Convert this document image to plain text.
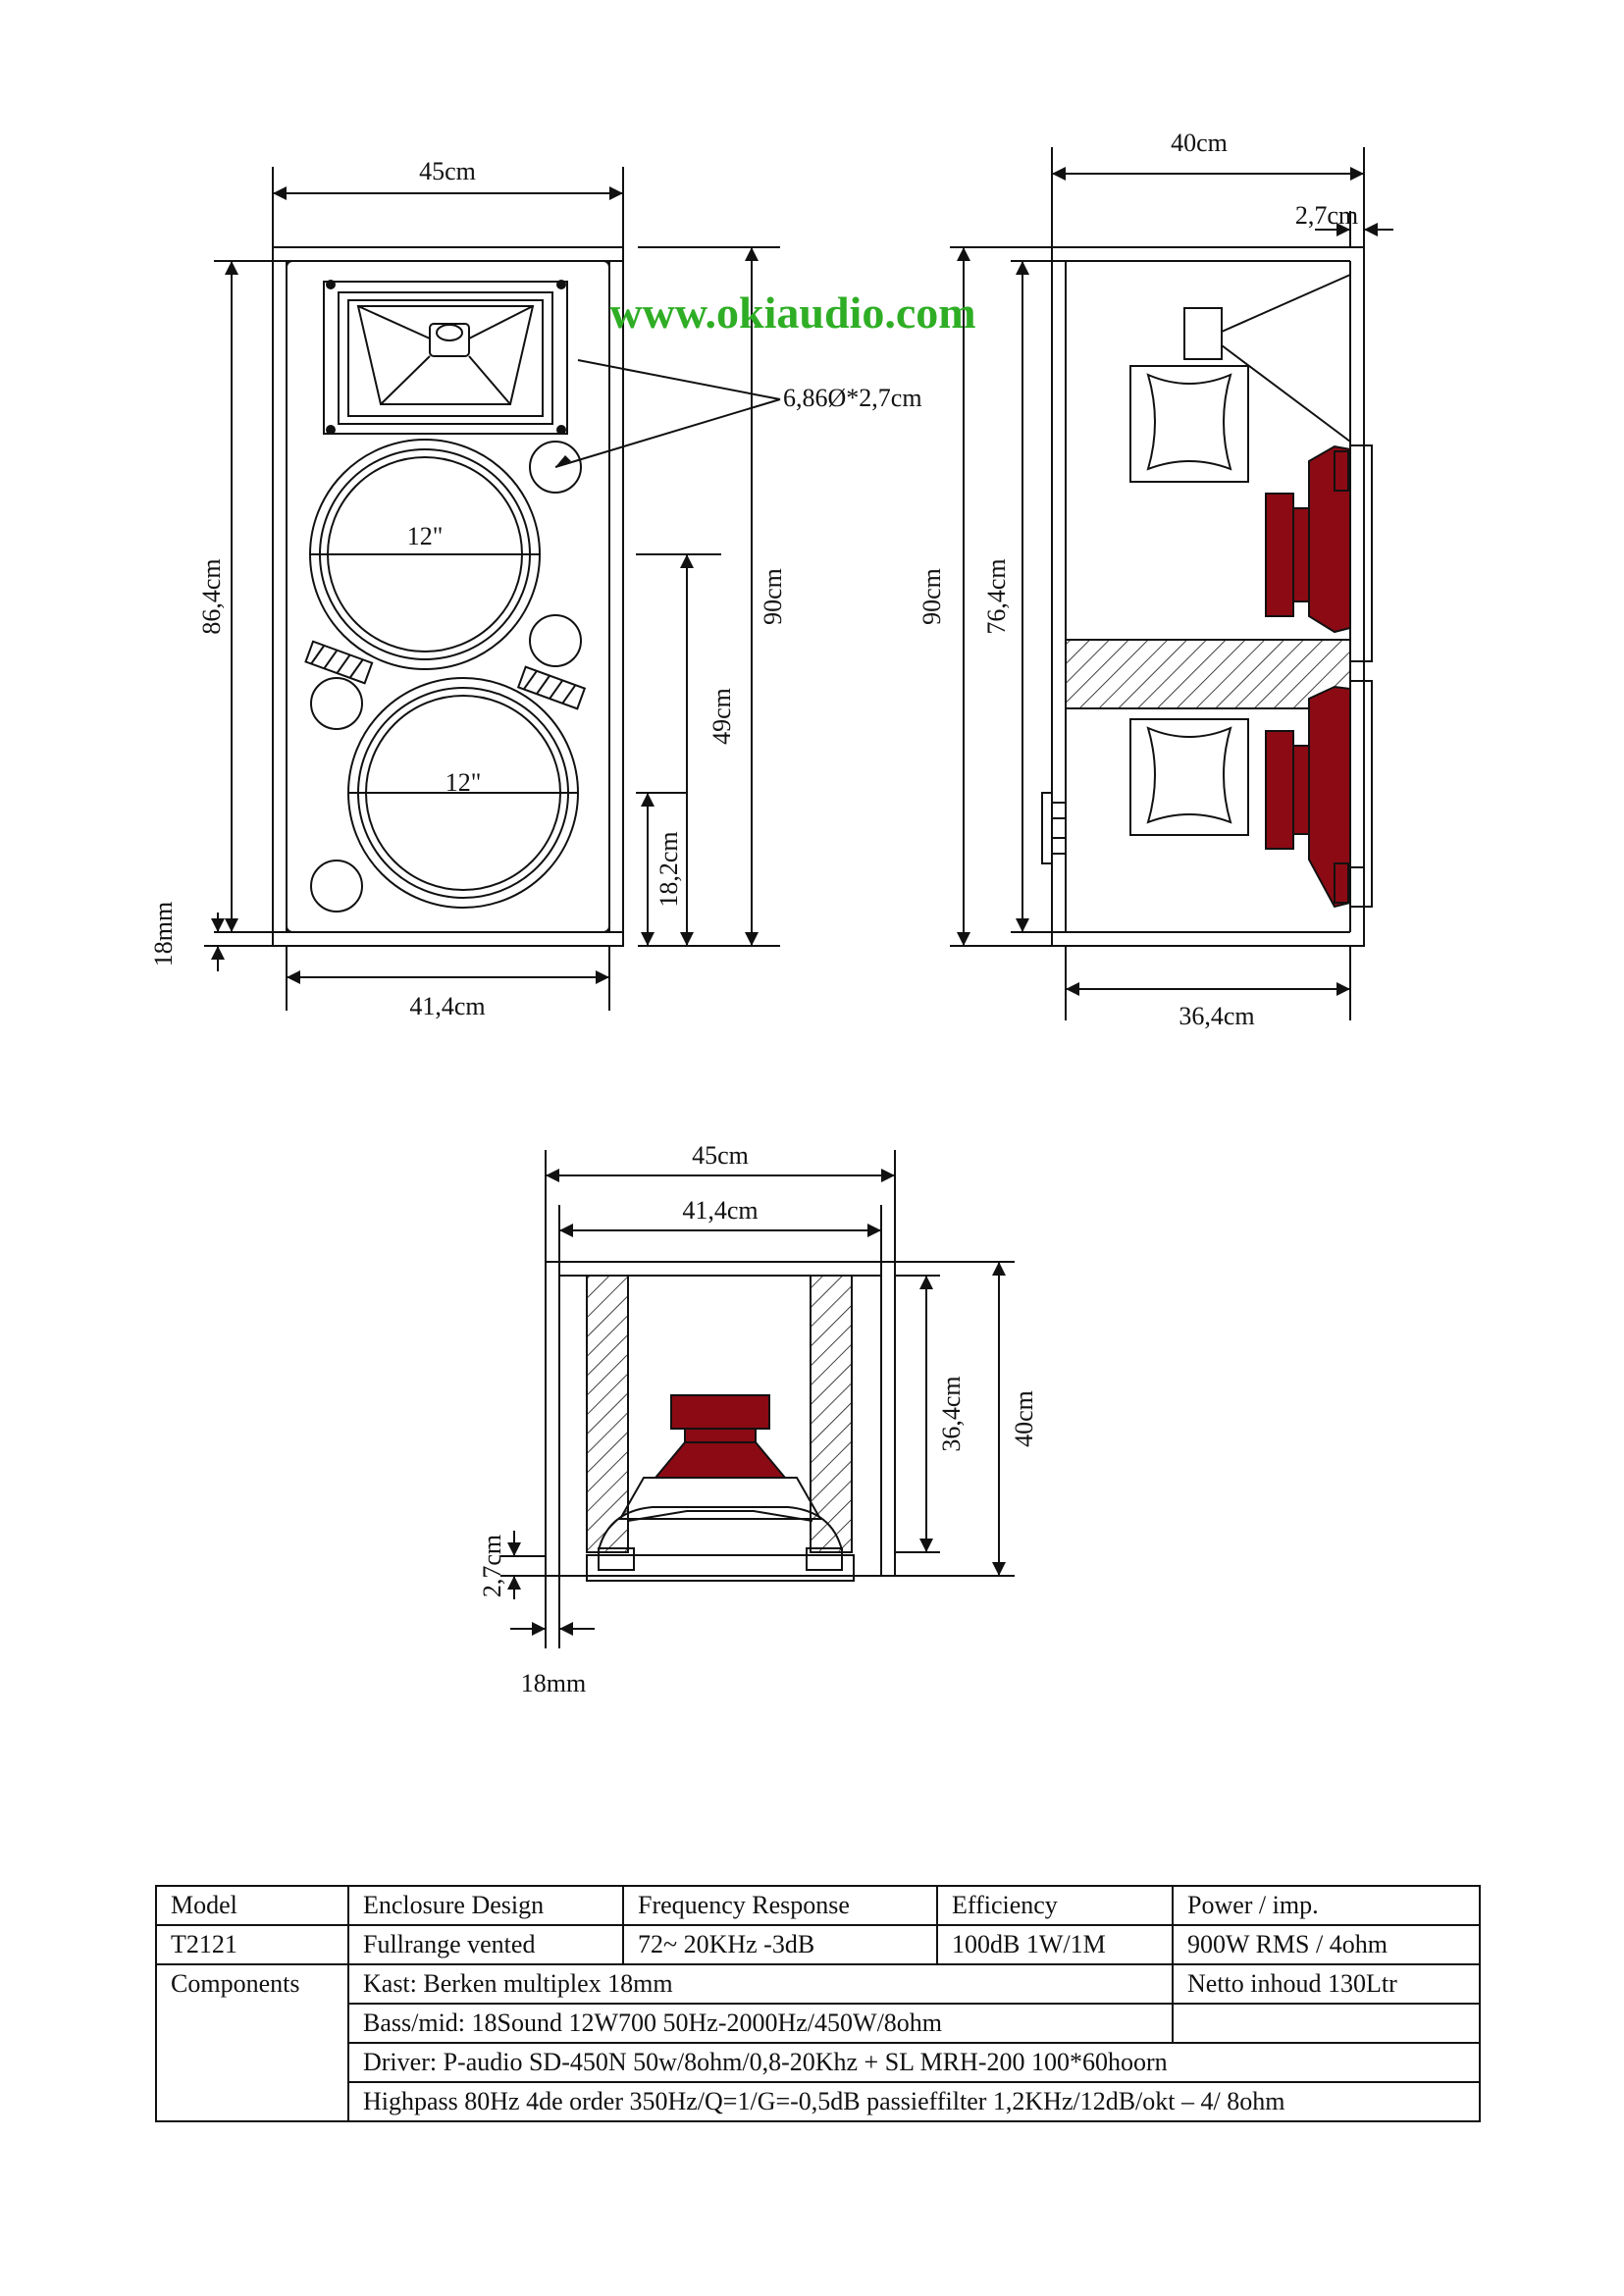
45cm
41,4cm
86,4cm
18mm
90cm
49cm
18,2cm
6,86Ø*2,7cm
12"
12"
40cm
2,7cm
36,4cm
90cm 76,4cm
45cm
41,4cm
36,4cm 40cm
2,7cm
18mm
www.okiaudio.com
Model	Enclosure Design	Frequency Response	Efficiency	Power / imp.
T2121	Fullrange vented	72~ 20KHz -3dB	100dB 1W/1M	900W RMS / 4ohm
Components	Kast: Berken multiplex 18mm			Netto inhoud 130Ltr
	Bass/mid: 18Sound 12W700 50Hz-2000Hz/450W/8ohm			
	Driver: P-audio SD-450N 50w/8ohm/0,8-20Khz + SL MRH-200 100*60hoorn			
	Highpass 80Hz 4de order 350Hz/Q=1/G=-0,5dB passieffilter 1,2KHz/12dB/okt – 4/ 8ohm			
